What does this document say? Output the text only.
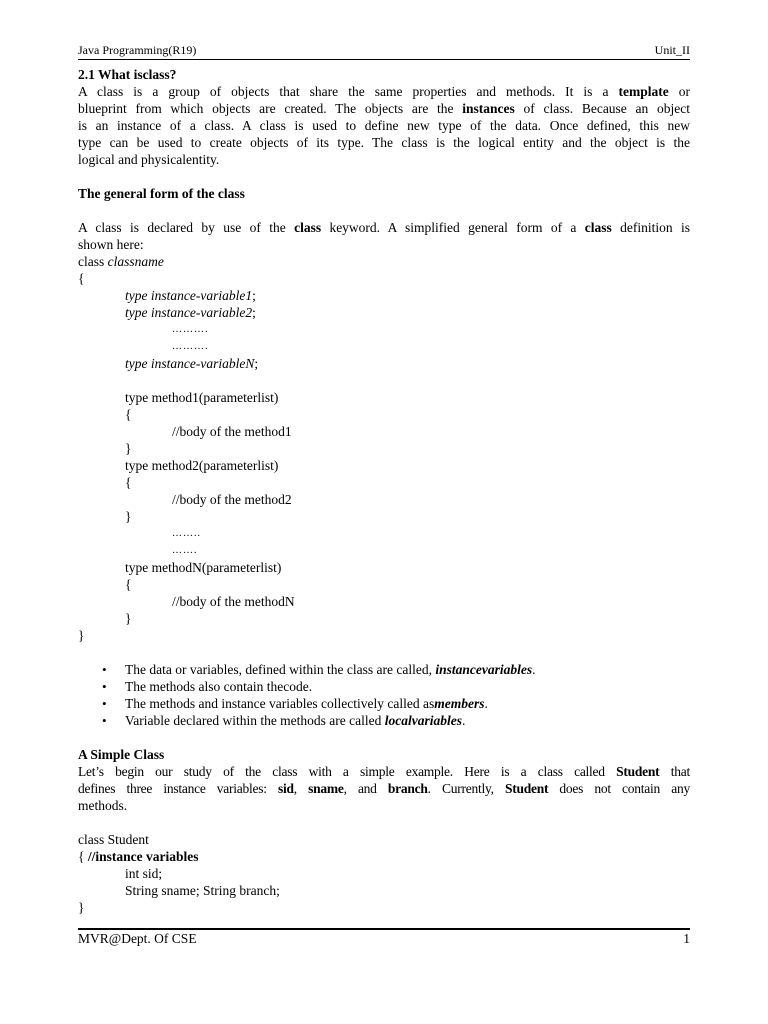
Java Programming(R19)	Unit_II
2.1 What isclass?
A class is a group of objects that share the same properties and methods. It is a template or
blueprint from which objects are created. The objects are the instances of class. Because an object
is an instance of a class. A class is used to define new type of the data. Once defined, this new
type can be used to create objects of its type. The class is the logical entity and the object is the
logical and physicalentity.
The general form of the class
A class is declared by use of the class keyword. A simplified general form of a class definition is
shown here:
class classname
{
type instance-variable1;
type instance-variable2;
……….
……….
type instance-variableN;
type method1(parameterlist)
{
//body of the method1
}
type method2(parameterlist)
{
//body of the method2
}
……..
…….
type methodN(parameterlist)
{
//body of the methodN
}
}
• The data or variables, defined within the class are called, instancevariables.
• The methods also contain thecode.
• The methods and instance variables collectively called asmembers.
• Variable declared within the methods are called localvariables.
A Simple Class
Let’s begin our study of the class with a simple example. Here is a class called Student that
defines three instance variables: sid, sname, and branch. Currently, Student does not contain any
methods.
class Student
{ //instance variables
int sid;
String sname; String branch;
}
MVR@Dept. Of CSE	1
